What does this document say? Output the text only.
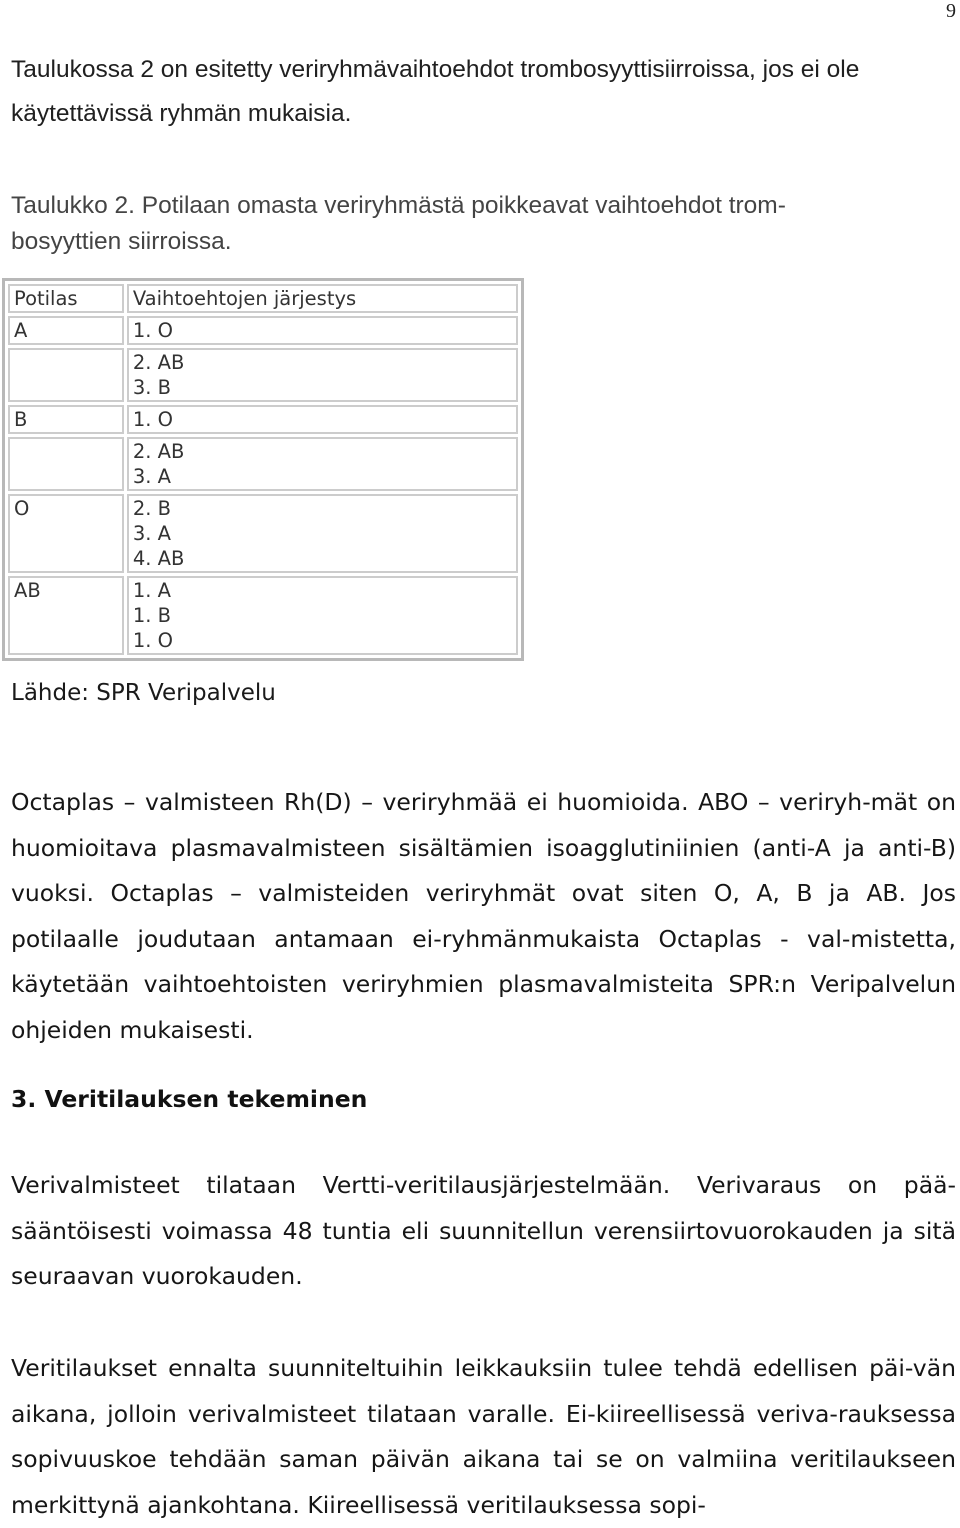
9

Taulukossa 2 on esitetty veriryhmävaihtoehdot trombosyyttisiirroissa, jos ei ole käytettävissä ryhmän mukaisia.

Taulukko 2. Potilaan omasta veriryhmästä poikkeavat vaihtoehdot trom-
bosyyttien siirroissa.

Potilas	Vaihtoehtojen järjestys
A	1. O

	2. AB
3. B

B	1. O

	2. AB
3. A

O	2. B
3. A
4. AB

AB	1. A
1. B
1. O

Lähde: SPR Veripalvelu

Octaplas – valmisteen Rh(D) – veriryhmää ei huomioida. ABO – veriryh-mät on huomioitava plasmavalmisteen sisältämien isoagglutiniinien (anti-A ja anti-B) vuoksi. Octaplas – valmisteiden veriryhmät ovat siten O, A, B ja AB. Jos potilaalle joudutaan antamaan ei-ryhmänmukaista Octaplas - val-mistetta, käytetään vaihtoehtoisten veriryhmien plasmavalmisteita SPR:n Veripalvelun ohjeiden mukaisesti.

3. Veritilauksen tekeminen

Verivalmisteet tilataan Vertti-veritilausjärjestelmään. Verivaraus on pää-sääntöisesti voimassa 48 tuntia eli suunnitellun verensiirtovuorokauden ja sitä seuraavan vuorokauden.

Veritilaukset ennalta suunniteltuihin leikkauksiin tulee tehdä edellisen päi-vän aikana, jolloin verivalmisteet tilataan varalle. Ei-kiireellisessä veriva-rauksessa sopivuuskoe tehdään saman päivän aikana tai se on valmiina veritilaukseen merkittynä ajankohtana. Kiireellisessä veritilauksessa sopi-
